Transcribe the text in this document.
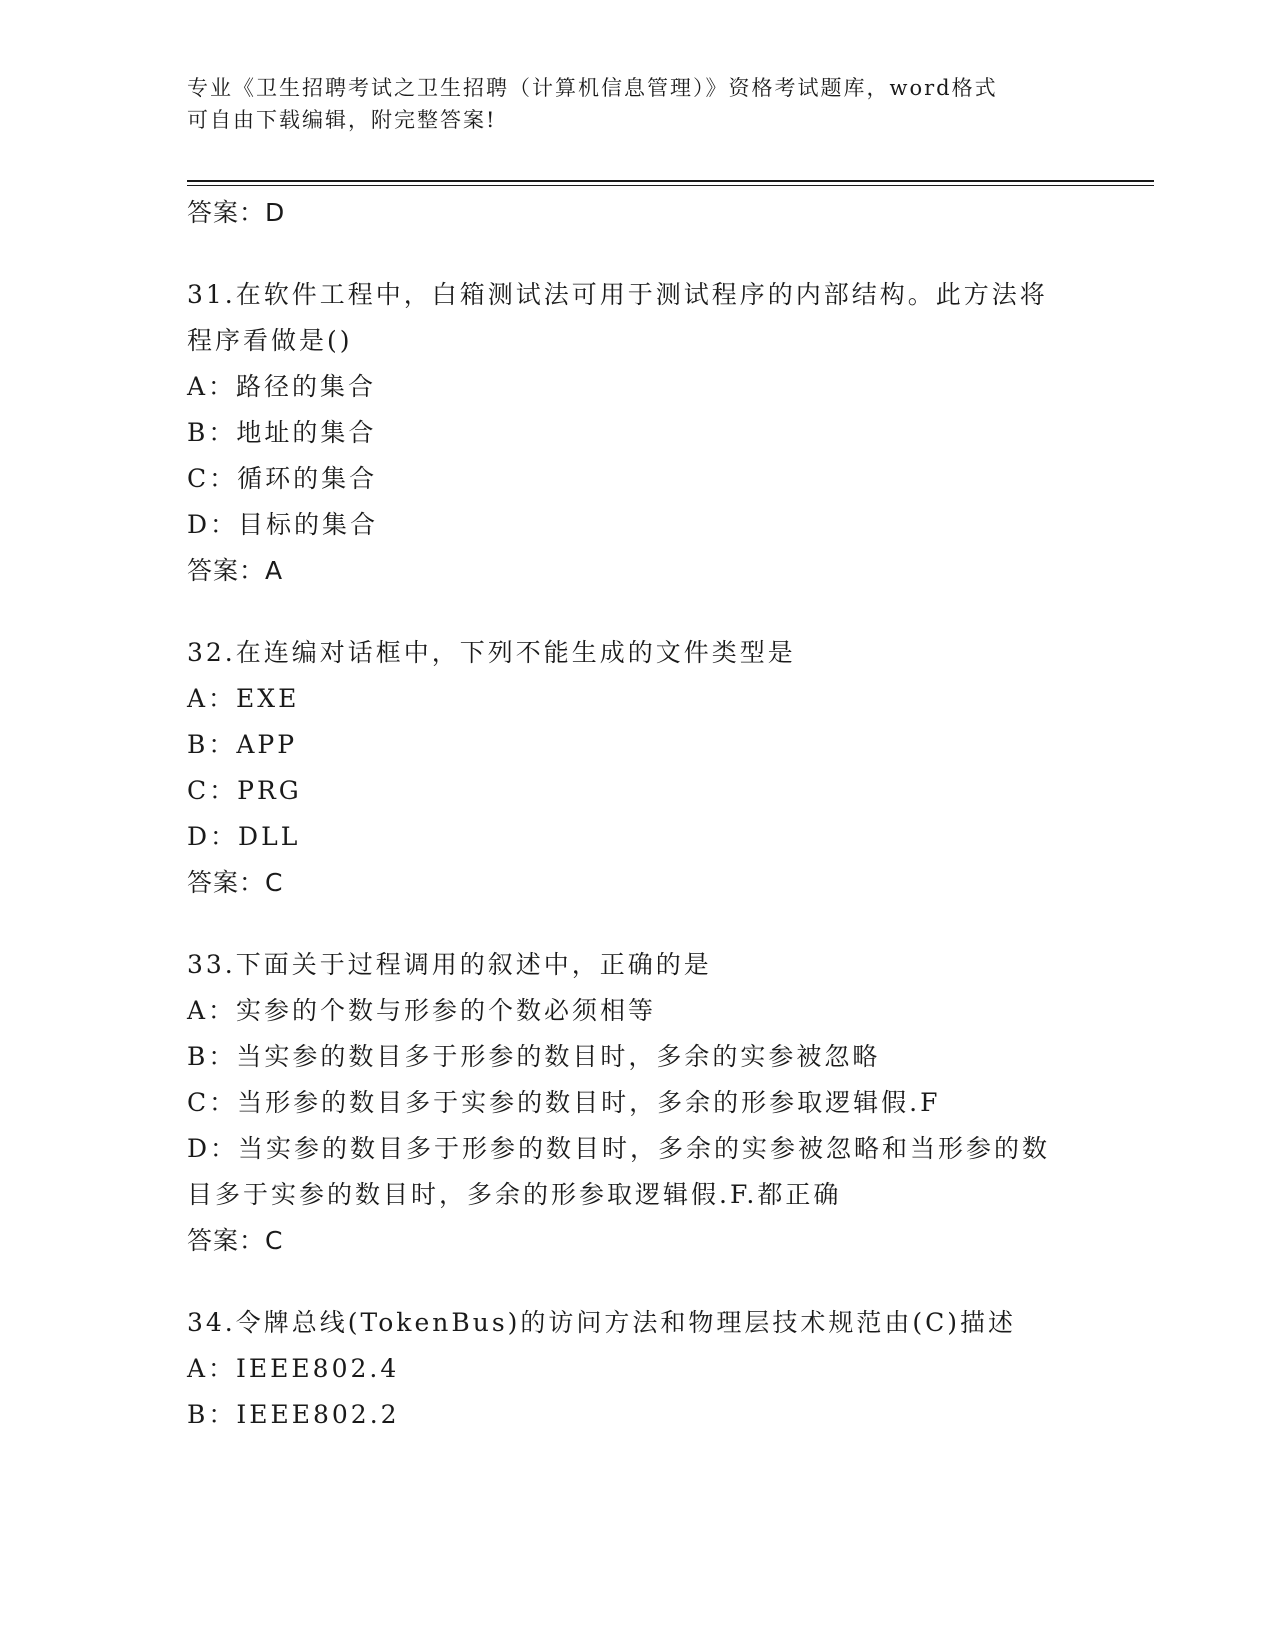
专业《卫生招聘考试之卫生招聘（计算机信息管理）》资格考试题库，word格式
可自由下载编辑，附完整答案!
答案：D
31.在软件工程中，白箱测试法可用于测试程序的内部结构。此方法将
程序看做是()
A：路径的集合
B：地址的集合
C：循环的集合
D：目标的集合
答案：A
32.在连编对话框中，下列不能生成的文件类型是
A：EXE
B：APP
C：PRG
D：DLL
答案：C
33.下面关于过程调用的叙述中，正确的是
A：实参的个数与形参的个数必须相等
B：当实参的数目多于形参的数目时，多余的实参被忽略
C：当形参的数目多于实参的数目时，多余的形参取逻辑假.F
D：当实参的数目多于形参的数目时，多余的实参被忽略和当形参的数
目多于实参的数目时，多余的形参取逻辑假.F.都正确
答案：C
34.令牌总线(TokenBus)的访问方法和物理层技术规范由(C)描述
A：IEEE802.4
B：IEEE802.2
